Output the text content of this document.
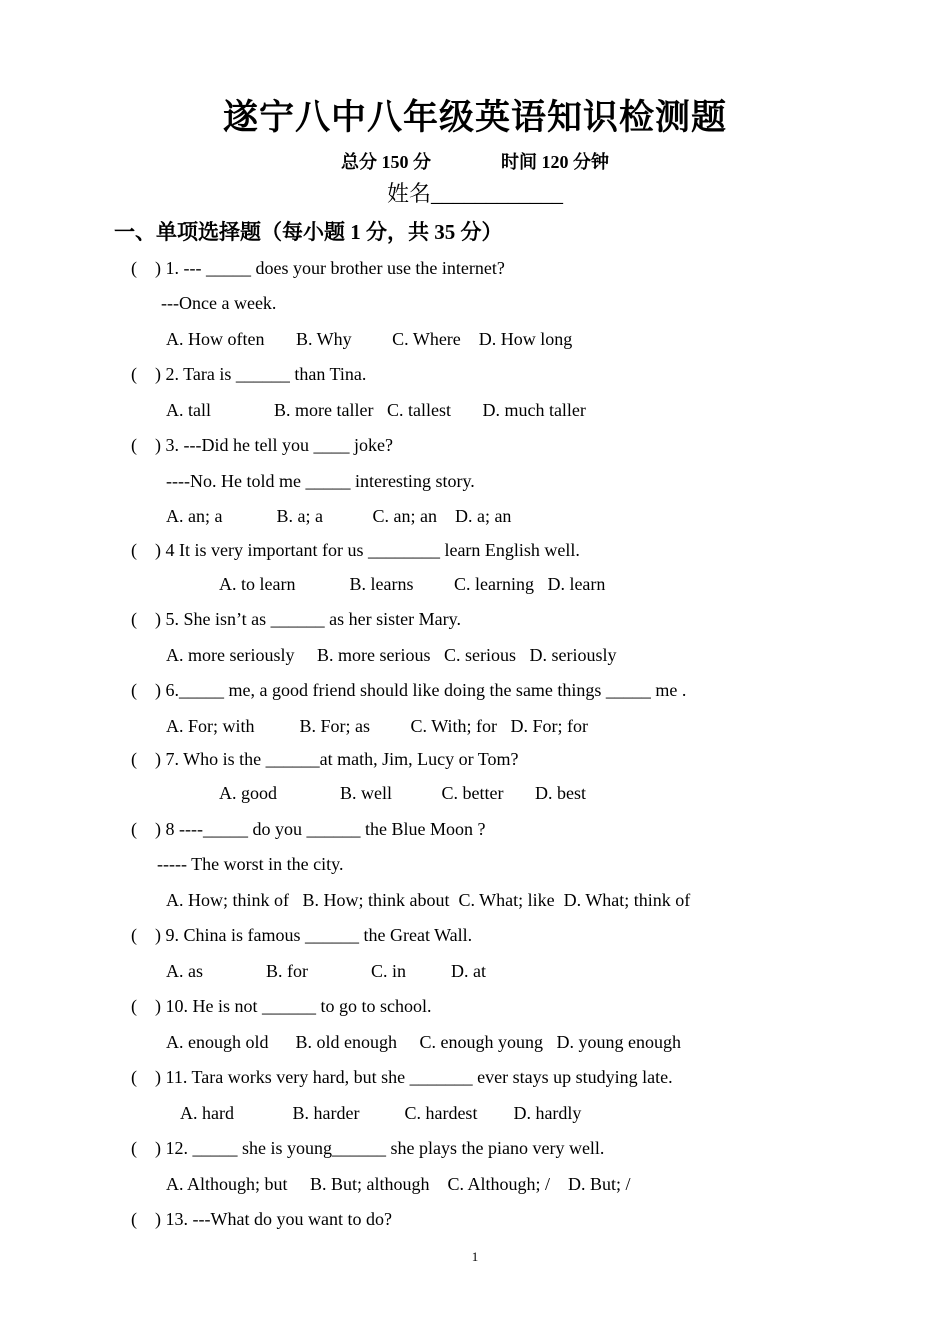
遂宁八中八年级英语知识检测题
总分 150 分	时间 120 分钟
姓名____________
一、单项选择题（每小题 1 分，共 35 分）
(    ) 1. --- _____ does your brother use the internet?
---Once a week.
A. How often       B. Why         C. Where    D. How long
(    ) 2. Tara is ______ than Tina.
A. tall              B. more taller   C. tallest       D. much taller
(    ) 3. ---Did he tell you ____ joke?
----No. He told me _____ interesting story.
A. an; a            B. a; a           C. an; an    D. a; an
(    ) 4 It is very important for us ________ learn English well.
A. to learn            B. learns         C. learning   D. learn
(    ) 5. She isn’t as ______ as her sister Mary.
A. more seriously     B. more serious   C. serious   D. seriously
(    ) 6._____ me, a good friend should like doing the same things _____ me .
A. For; with          B. For; as         C. With; for   D. For; for
(    ) 7. Who is the ______at math, Jim, Lucy or Tom?
A. good              B. well           C. better       D. best
(    ) 8 ----_____ do you ______ the Blue Moon ?
----- The worst in the city.
A. How; think of   B. How; think about  C. What; like  D. What; think of
(    ) 9. China is famous ______ the Great Wall.
A. as              B. for              C. in          D. at
(    ) 10. He is not ______ to go to school.
A. enough old      B. old enough     C. enough young   D. young enough
(    ) 11. Tara works very hard, but she _______ ever stays up studying late.
A. hard             B. harder          C. hardest        D. hardly
(    ) 12. _____ she is young______ she plays the piano very well.
A. Although; but     B. But; although    C. Although; /    D. But; /
(    ) 13. ---What do you want to do?
1
